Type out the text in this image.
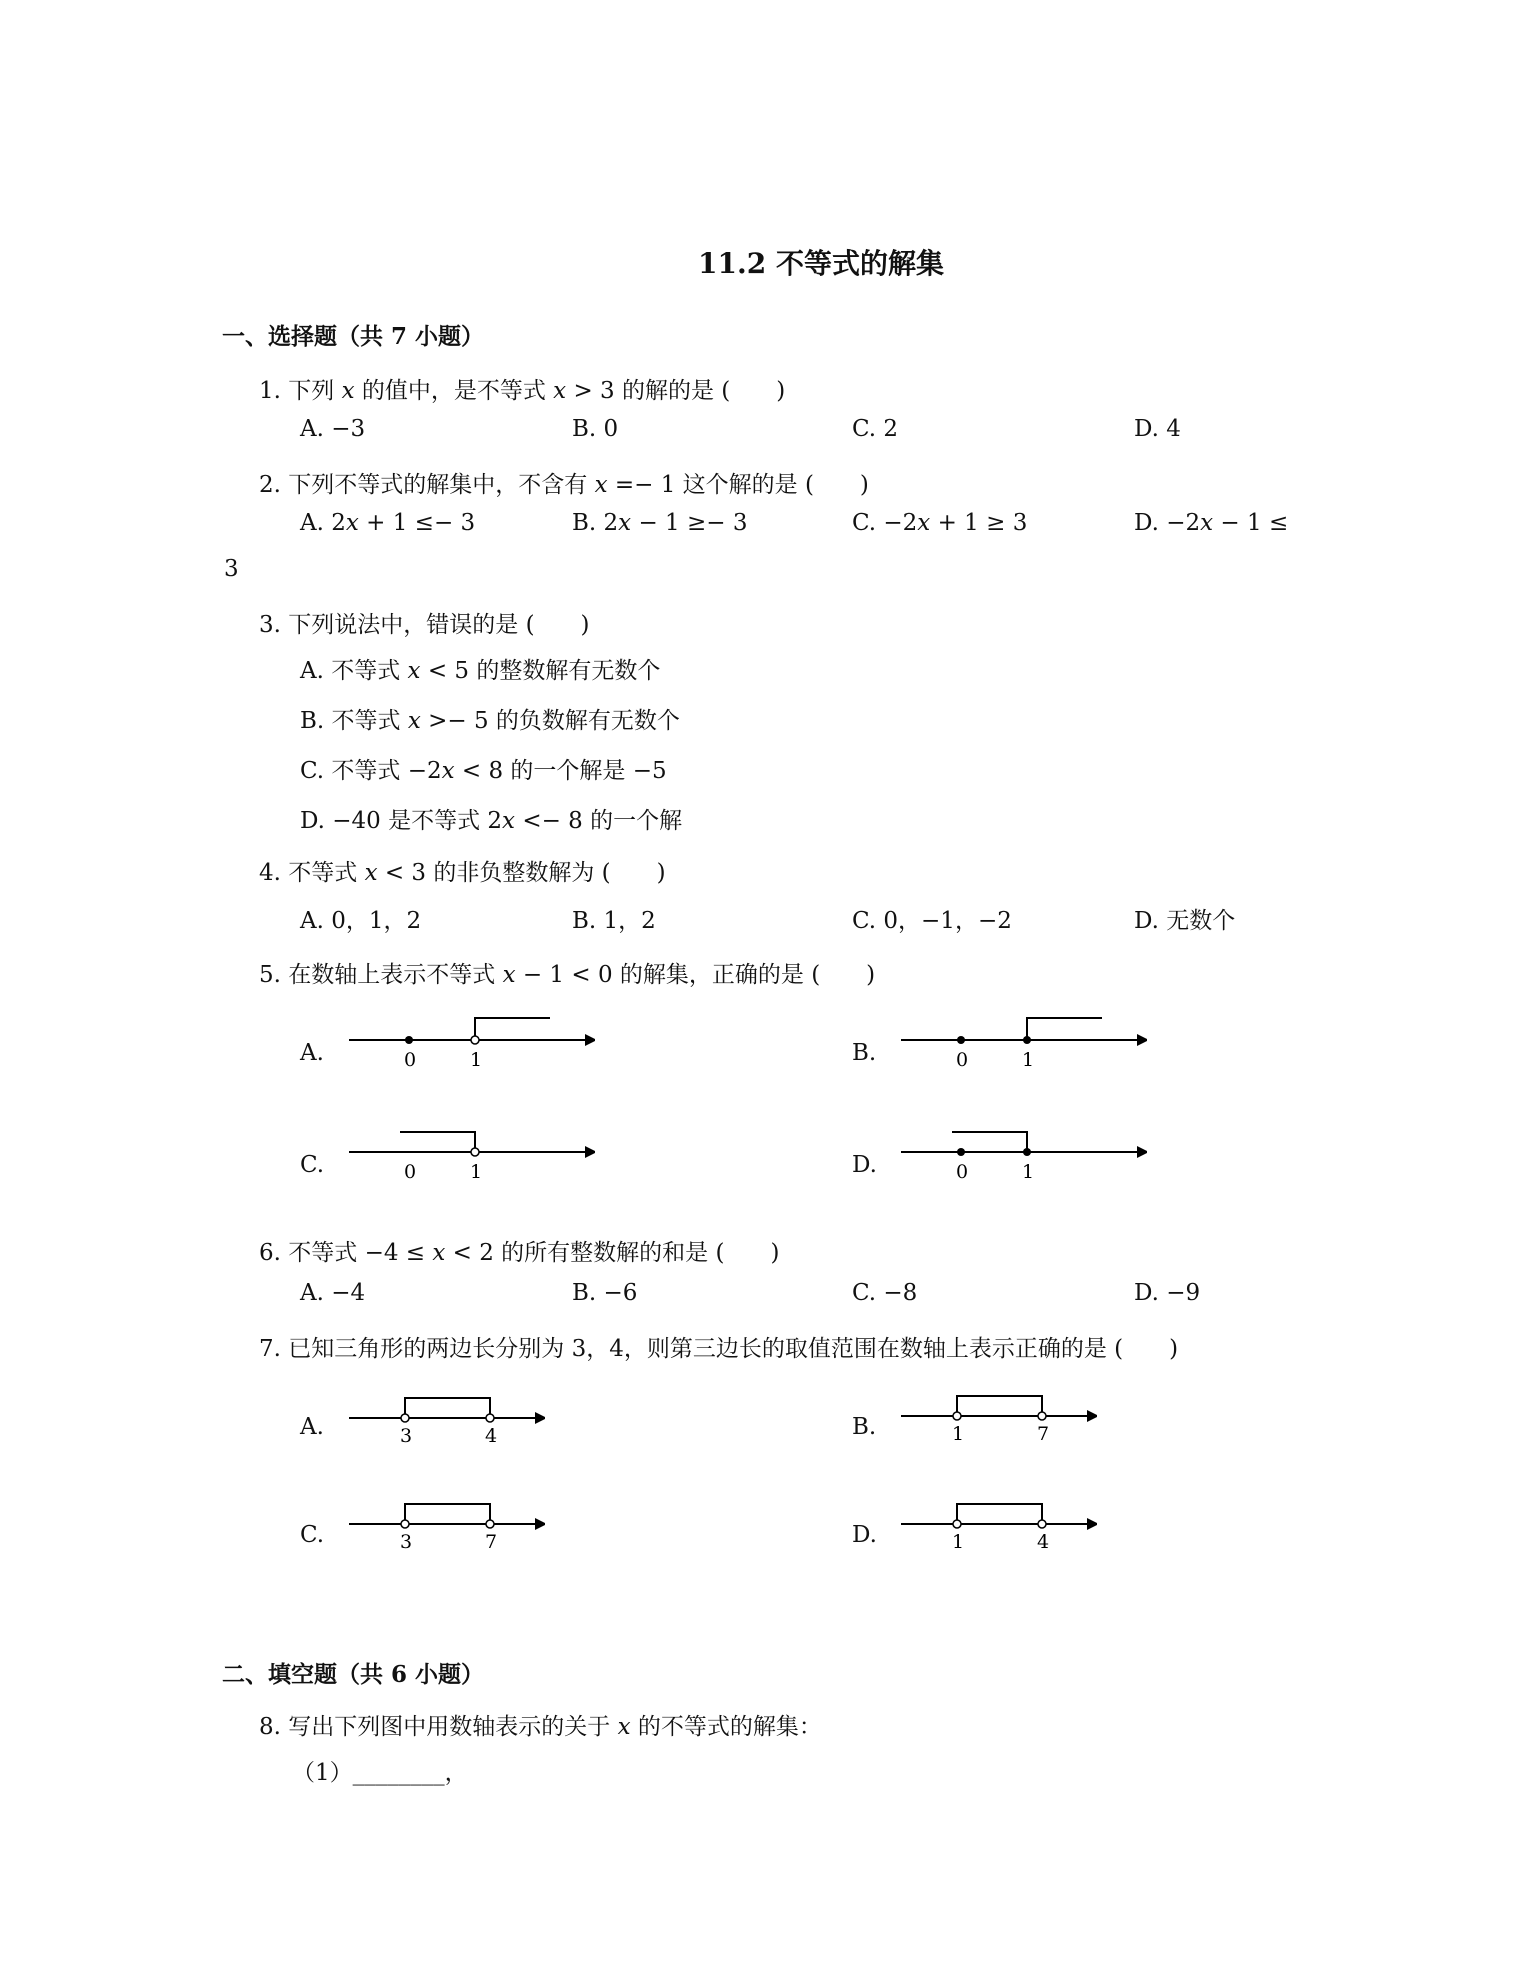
11.2 不等式的解集
一、选择题（共 7 小题）
1. 下列 𝑥 的值中，是不等式 𝑥 > 3 的解的是 (　　)
A. −3	B. 0	C. 2	D. 4
2. 下列不等式的解集中，不含有 𝑥 =− 1 这个解的是 (　　)
A. 2𝑥 + 1 ≤− 3	B. 2𝑥 − 1 ≥− 3	C. −2𝑥 + 1 ≥ 3	D. −2𝑥 − 1 ≤
3
3. 下列说法中，错误的是 (　　)
A. 不等式 𝑥 < 5 的整数解有无数个
B. 不等式 𝑥 >− 5 的负数解有无数个
C. 不等式 −2𝑥 < 8 的一个解是 −5
D. −40 是不等式 2𝑥 <− 8 的一个解
4. 不等式 𝑥 < 3 的非负整数解为 (　　)
A. 0，1，2	B. 1，2	C. 0，−1，−2	D. 无数个
5. 在数轴上表示不等式 𝑥 − 1 < 0 的解集，正确的是 (　　)
A.	0	1	B.	0	1
C.	0	1	D.	0	1
6. 不等式 −4 ≤ 𝑥 < 2 的所有整数解的和是 (　　)
A. −4	B. −6	C. −8	D. −9
7. 已知三角形的两边长分别为 3，4，则第三边长的取值范围在数轴上表示正确的是 (　　)
A.	3	4	B.	1	7
C.	3	7	D.	1	4
二、填空题（共 6 小题）
8. 写出下列图中用数轴表示的关于 𝑥 的不等式的解集：
（1）________，
